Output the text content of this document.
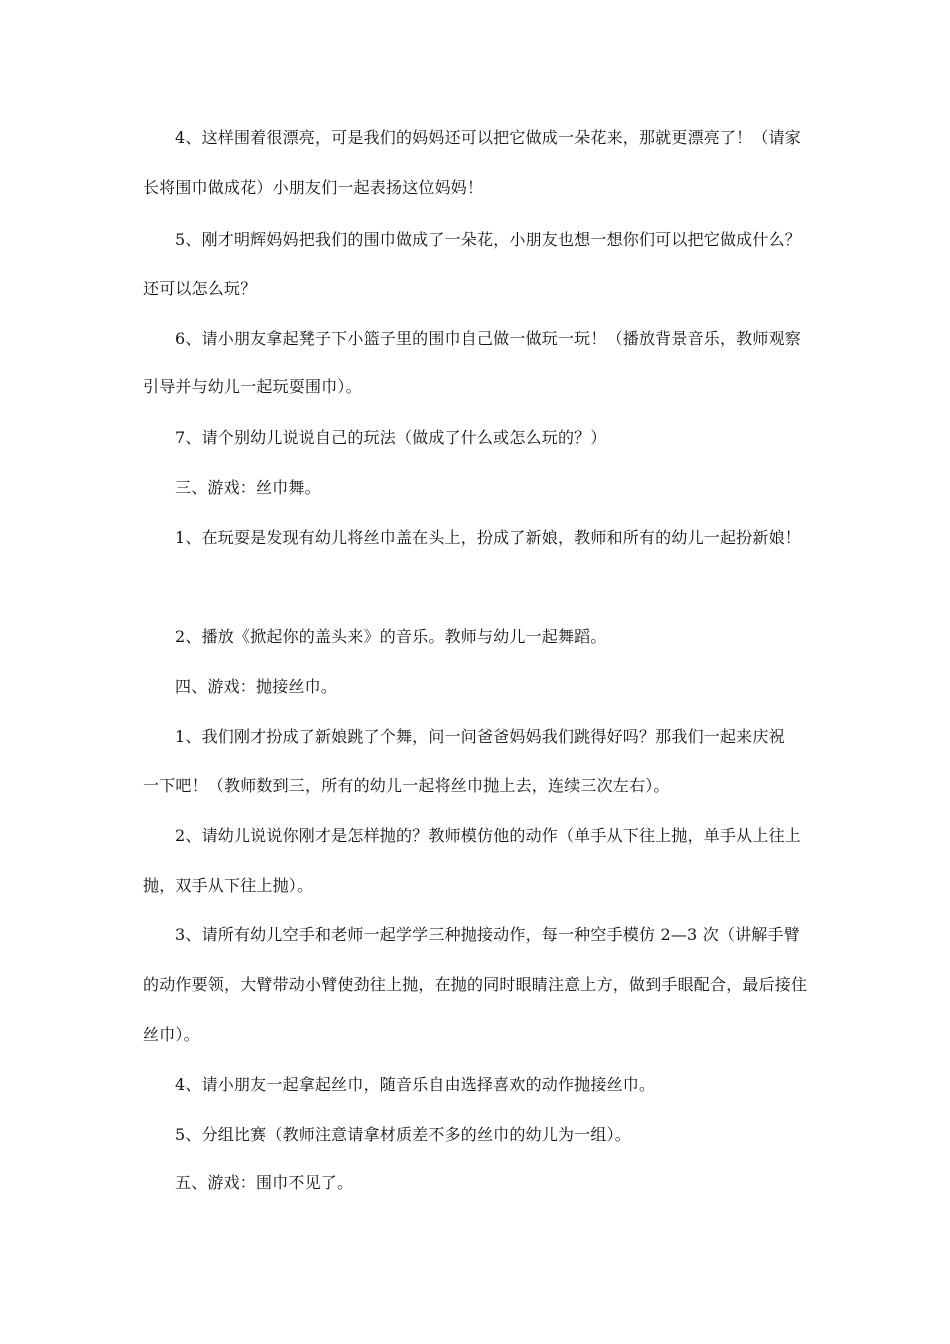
4、这样围着很漂亮，可是我们的妈妈还可以把它做成一朵花来，那就更漂亮了！（请家
长将围巾做成花）小朋友们一起表扬这位妈妈！
5、刚才明辉妈妈把我们的围巾做成了一朵花，小朋友也想一想你们可以把它做成什么？
还可以怎么玩？
6、请小朋友拿起凳子下小篮子里的围巾自己做一做玩一玩！（播放背景音乐，教师观察
引导并与幼儿一起玩耍围巾）。
7、请个别幼儿说说自己的玩法（做成了什么或怎么玩的？）
三、游戏：丝巾舞。
1、在玩耍是发现有幼儿将丝巾盖在头上，扮成了新娘，教师和所有的幼儿一起扮新娘！
2、播放《掀起你的盖头来》的音乐。教师与幼儿一起舞蹈。
四、游戏：抛接丝巾。
1、我们刚才扮成了新娘跳了个舞，问一问爸爸妈妈我们跳得好吗？那我们一起来庆祝
一下吧！（教师数到三，所有的幼儿一起将丝巾抛上去，连续三次左右）。
2、请幼儿说说你刚才是怎样抛的？教师模仿他的动作（单手从下往上抛，单手从上往上
抛，双手从下往上抛）。
3、请所有幼儿空手和老师一起学学三种抛接动作，每一种空手模仿 2—3 次（讲解手臂
的动作要领，大臂带动小臂使劲往上抛，在抛的同时眼睛注意上方，做到手眼配合，最后接住
丝巾）。
4、请小朋友一起拿起丝巾，随音乐自由选择喜欢的动作抛接丝巾。
5、分组比赛（教师注意请拿材质差不多的丝巾的幼儿为一组）。
五、游戏：围巾不见了。
